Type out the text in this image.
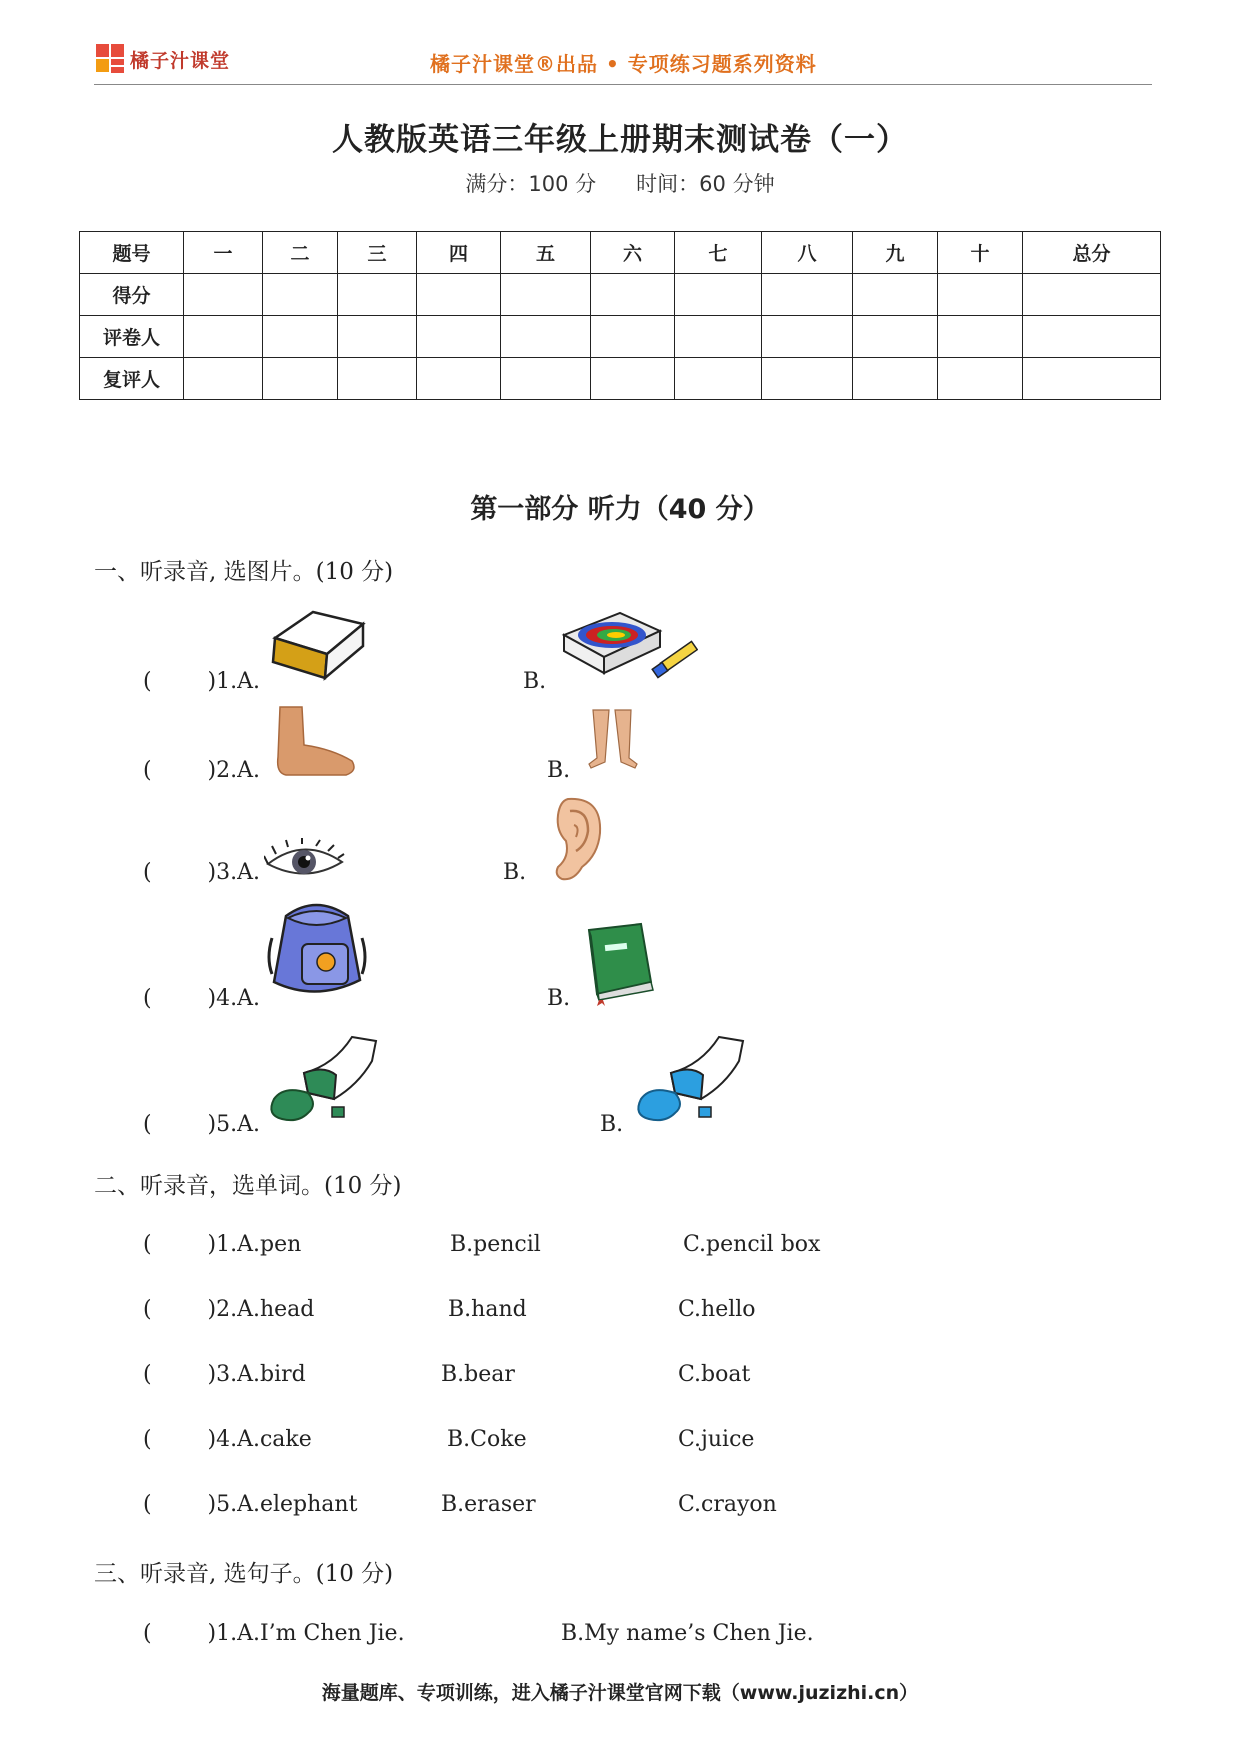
橘子汁课堂	橘子汁课堂®出品 • 专项练习题系列资料
人教版英语三年级上册期末测试卷（一）
满分：100 分 时间：60 分钟
题号	一	二	三	四	五	六	七	八	九	十	总分
得分											
评卷人											
复评人											
第一部分 听力（40 分）
一、听录音, 选图片。(10 分)
(        )1.A.	B.
(        )2.A.	B.
(        )3.A.	B.
(        )4.A.	B.
(        )5.A.	B.
二、听录音，选单词。(10 分)
(        )1.A.pen	B.pencil	C.pencil box
(        )2.A.head	B.hand	C.hello
(        )3.A.bird	B.bear	C.boat
(        )4.A.cake	B.Coke	C.juice
(        )5.A.elephant	B.eraser	C.crayon
三、听录音, 选句子。(10 分)
(        )1.A.I’m Chen Jie.	B.My name’s Chen Jie.
海量题库、专项训练，进入橘子汁课堂官网下载（www.juzizhi.cn）
